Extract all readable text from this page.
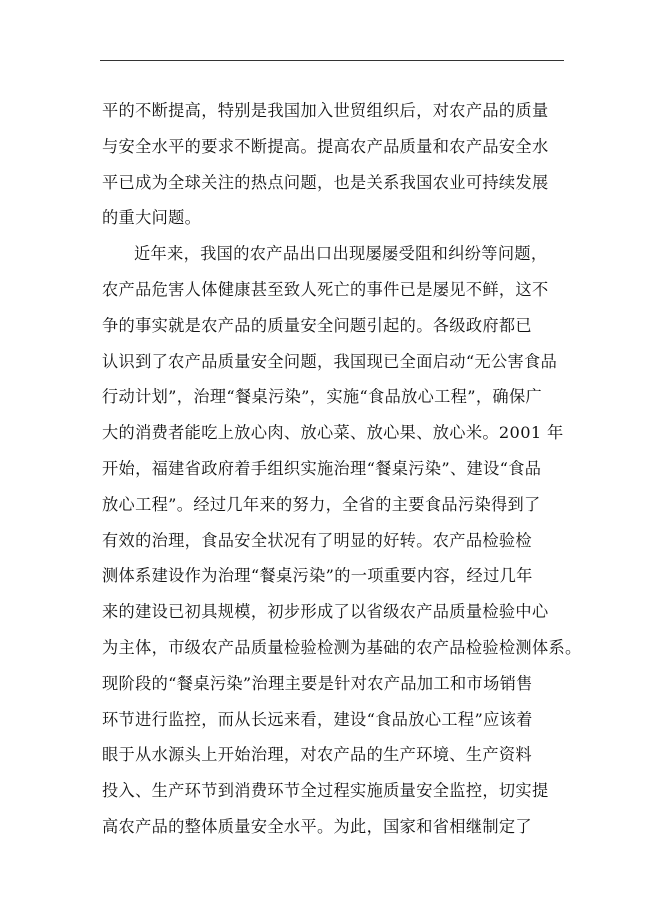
平的不断提高，特别是我国加入世贸组织后，对农产品的质量
与安全水平的要求不断提高。提高农产品质量和农产品安全水
平已成为全球关注的热点问题，也是关系我国农业可持续发展
的重大问题。
近年来，我国的农产品出口出现屡屡受阻和纠纷等问题，
农产品危害人体健康甚至致人死亡的事件已是屡见不鲜，这不
争的事实就是农产品的质量安全问题引起的。各级政府都已
认识到了农产品质量安全问题，我国现已全面启动“无公害食品
行动计划”，治理“餐桌污染”，实施“食品放心工程”，确保广
大的消费者能吃上放心肉、放心菜、放心果、放心米。2001 年
开始，福建省政府着手组织实施治理“餐桌污染”、建设“食品
放心工程”。经过几年来的努力，全省的主要食品污染得到了
有效的治理，食品安全状况有了明显的好转。农产品检验检
测体系建设作为治理“餐桌污染”的一项重要内容，经过几年
来的建设已初具规模，初步形成了以省级农产品质量检验中心
为主体，市级农产品质量检验检测为基础的农产品检验检测体系。
现阶段的“餐桌污染”治理主要是针对农产品加工和市场销售
环节进行监控，而从长远来看，建设“食品放心工程”应该着
眼于从水源头上开始治理，对农产品的生产环境、生产资料
投入、生产环节到消费环节全过程实施质量安全监控，切实提
高农产品的整体质量安全水平。为此，国家和省相继制定了
